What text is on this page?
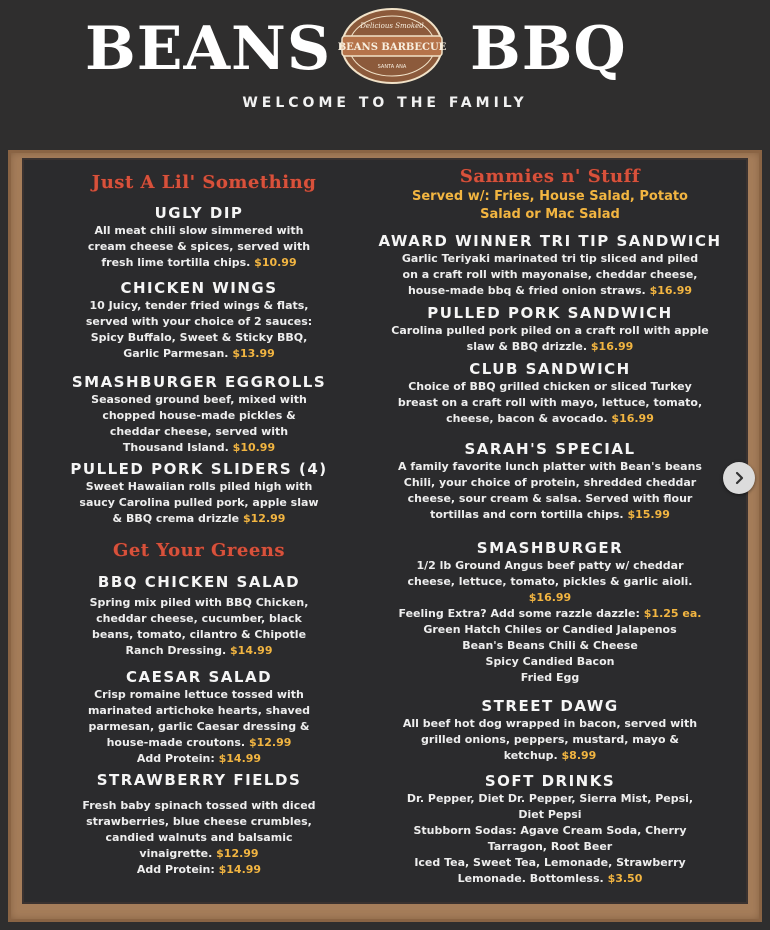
BEANS BEANS BARBECUE
Delicious Smoked
SANTA ANA BBQ
WELCOME TO THE FAMILY
Just A Lil' Something
UGLY DIP
All meat chili slow simmered with
cream cheese & spices, served with
fresh lime tortilla chips. $10.99
CHICKEN WINGS
10 Juicy, tender fried wings & flats,
served with your choice of 2 sauces:
Spicy Buffalo, Sweet & Sticky BBQ,
Garlic Parmesan. $13.99
SMASHBURGER EGGROLLS
Seasoned ground beef, mixed with
chopped house-made pickles &
cheddar cheese, served with
Thousand Island. $10.99
PULLED PORK SLIDERS (4)
Sweet Hawaiian rolls piled high with
saucy Carolina pulled pork, apple slaw
& BBQ crema drizzle $12.99
Get Your Greens
BBQ CHICKEN SALAD
Spring mix piled with BBQ Chicken,
cheddar cheese, cucumber, black
beans, tomato, cilantro & Chipotle
Ranch Dressing. $14.99
CAESAR SALAD
Crisp romaine lettuce tossed with
marinated artichoke hearts, shaved
parmesan, garlic Caesar dressing &
house-made croutons. $12.99
Add Protein: $14.99
STRAWBERRY FIELDS
Fresh baby spinach tossed with diced
strawberries, blue cheese crumbles,
candied walnuts and balsamic
vinaigrette. $12.99
Add Protein: $14.99
Sammies n' Stuff
Served w/: Fries, House Salad, Potato
Salad or Mac Salad
AWARD WINNER TRI TIP SANDWICH
Garlic Teriyaki marinated tri tip sliced and piled
on a craft roll with mayonaise, cheddar cheese,
house-made bbq & fried onion straws. $16.99
PULLED PORK SANDWICH
Carolina pulled pork piled on a craft roll with apple
slaw & BBQ drizzle. $16.99
CLUB SANDWICH
Choice of BBQ grilled chicken or sliced Turkey
breast on a craft roll with mayo, lettuce, tomato,
cheese, bacon & avocado. $16.99
SARAH'S SPECIAL
A family favorite lunch platter with Bean's beans
Chili, your choice of protein, shredded cheddar
cheese, sour cream & salsa. Served with flour
tortillas and corn tortilla chips. $15.99
SMASHBURGER
1/2 lb Ground Angus beef patty w/ cheddar
cheese, lettuce, tomato, pickles & garlic aioli.
$16.99
Feeling Extra? Add some razzle dazzle: $1.25 ea.
Green Hatch Chiles or Candied Jalapenos
Bean's Beans Chili & Cheese
Spicy Candied Bacon
Fried Egg
STREET DAWG
All beef hot dog wrapped in bacon, served with
grilled onions, peppers, mustard, mayo &
ketchup. $8.99
SOFT DRINKS
Dr. Pepper, Diet Dr. Pepper, Sierra Mist, Pepsi,
Diet Pepsi
Stubborn Sodas: Agave Cream Soda, Cherry
Tarragon, Root Beer
Iced Tea, Sweet Tea, Lemonade, Strawberry
Lemonade. Bottomless. $3.50
